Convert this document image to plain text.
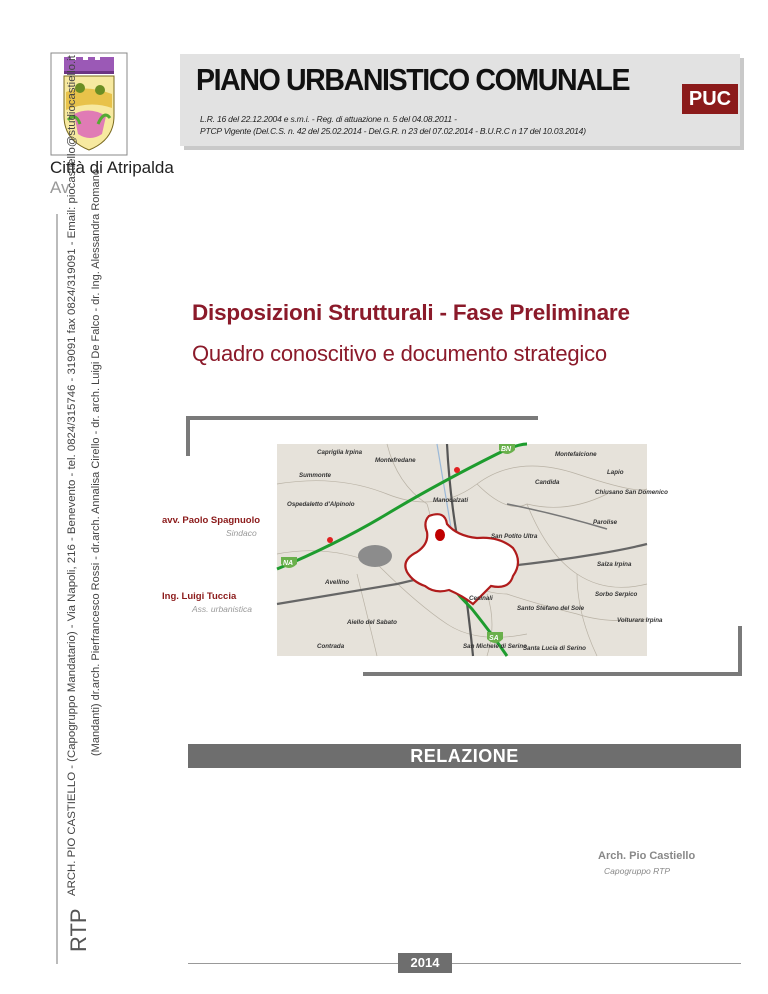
PIANO URBANISTICO COMUNALE
L.R. 16 del 22.12.2004 e s.m.i. - Reg. di attuazione n. 5 del 04.08.2011 -
PTCP Vigente (Del.C.S. n. 42 del 25.02.2014 - Del.G.R. n 23 del 07.02.2014 - B.U.R.C n 17 del 10.03.2014)
PUC
Città di Atripalda
Av
RTP
ARCH. PIO CASTIELLO - (Capogruppo Mandatario) - Via Napoli, 216 - Benevento - tel. 0824/315746 - 319091 fax 0824/319091 - Email: piocastiello@studiocastiello.it (Mandanti) dr.arch. Pierfrancesco Rossi - dr.arch. Annalisa Cirello - dr. arch. Luigi De Falco - dr. Ing. Alessandra Romano	Disposizioni Strutturali - Fase Preliminare
Quadro conoscitivo e documento strategico
BN
NA
SA
Capriglia Irpina
Montefredane
Montefalcione
Summonte	Lapio
Candida
Ospedaletto d'Alpinolo
Manocalzati
Chiusano San Domenico
Parolise
San Potito Ultra
Avellino
Salza Irpina
Sorbo Serpico
Cesinali
Santo Stefano del Sole
Volturara Irpina
Aiello del Sabato
Contrada	San Michele di Serino
Santa Lucia di Serino
avv. Paolo Spagnuolo
Sindaco
Ing. Luigi Tuccia
Ass. urbanistica
RELAZIONE
Arch. Pio Castiello
Capogruppo RTP
2014
